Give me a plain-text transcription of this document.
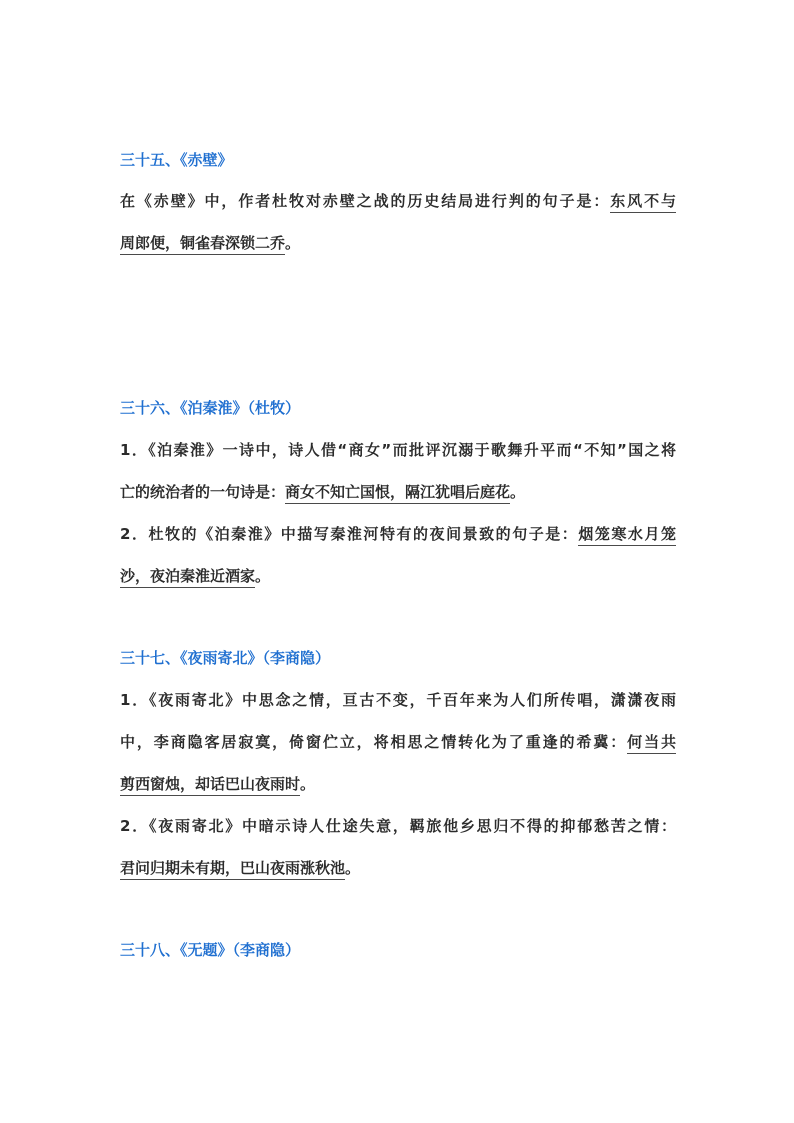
三十五、《赤壁》
在《赤壁》中，作者杜牧对赤壁之战的历史结局进行判的句子是：东风不与
周郎便，铜雀春深锁二乔。
三十六、《泊秦淮》（杜牧）
1．《泊秦淮》一诗中，诗人借“商女”而批评沉溺于歌舞升平而“不知”国之将
亡的统治者的一句诗是：商女不知亡国恨，隔江犹唱后庭花。
2．杜牧的《泊秦淮》中描写秦淮河特有的夜间景致的句子是：烟笼寒水月笼
沙，夜泊秦淮近酒家。
三十七、《夜雨寄北》（李商隐）
1．《夜雨寄北》中思念之情，亘古不变，千百年来为人们所传唱，潇潇夜雨
中，李商隐客居寂寞，倚窗伫立，将相思之情转化为了重逢的希冀：何当共
剪西窗烛，却话巴山夜雨时。
2．《夜雨寄北》中暗示诗人仕途失意，羁旅他乡思归不得的抑郁愁苦之情：
君问归期未有期，巴山夜雨涨秋池。
三十八、《无题》（李商隐）
